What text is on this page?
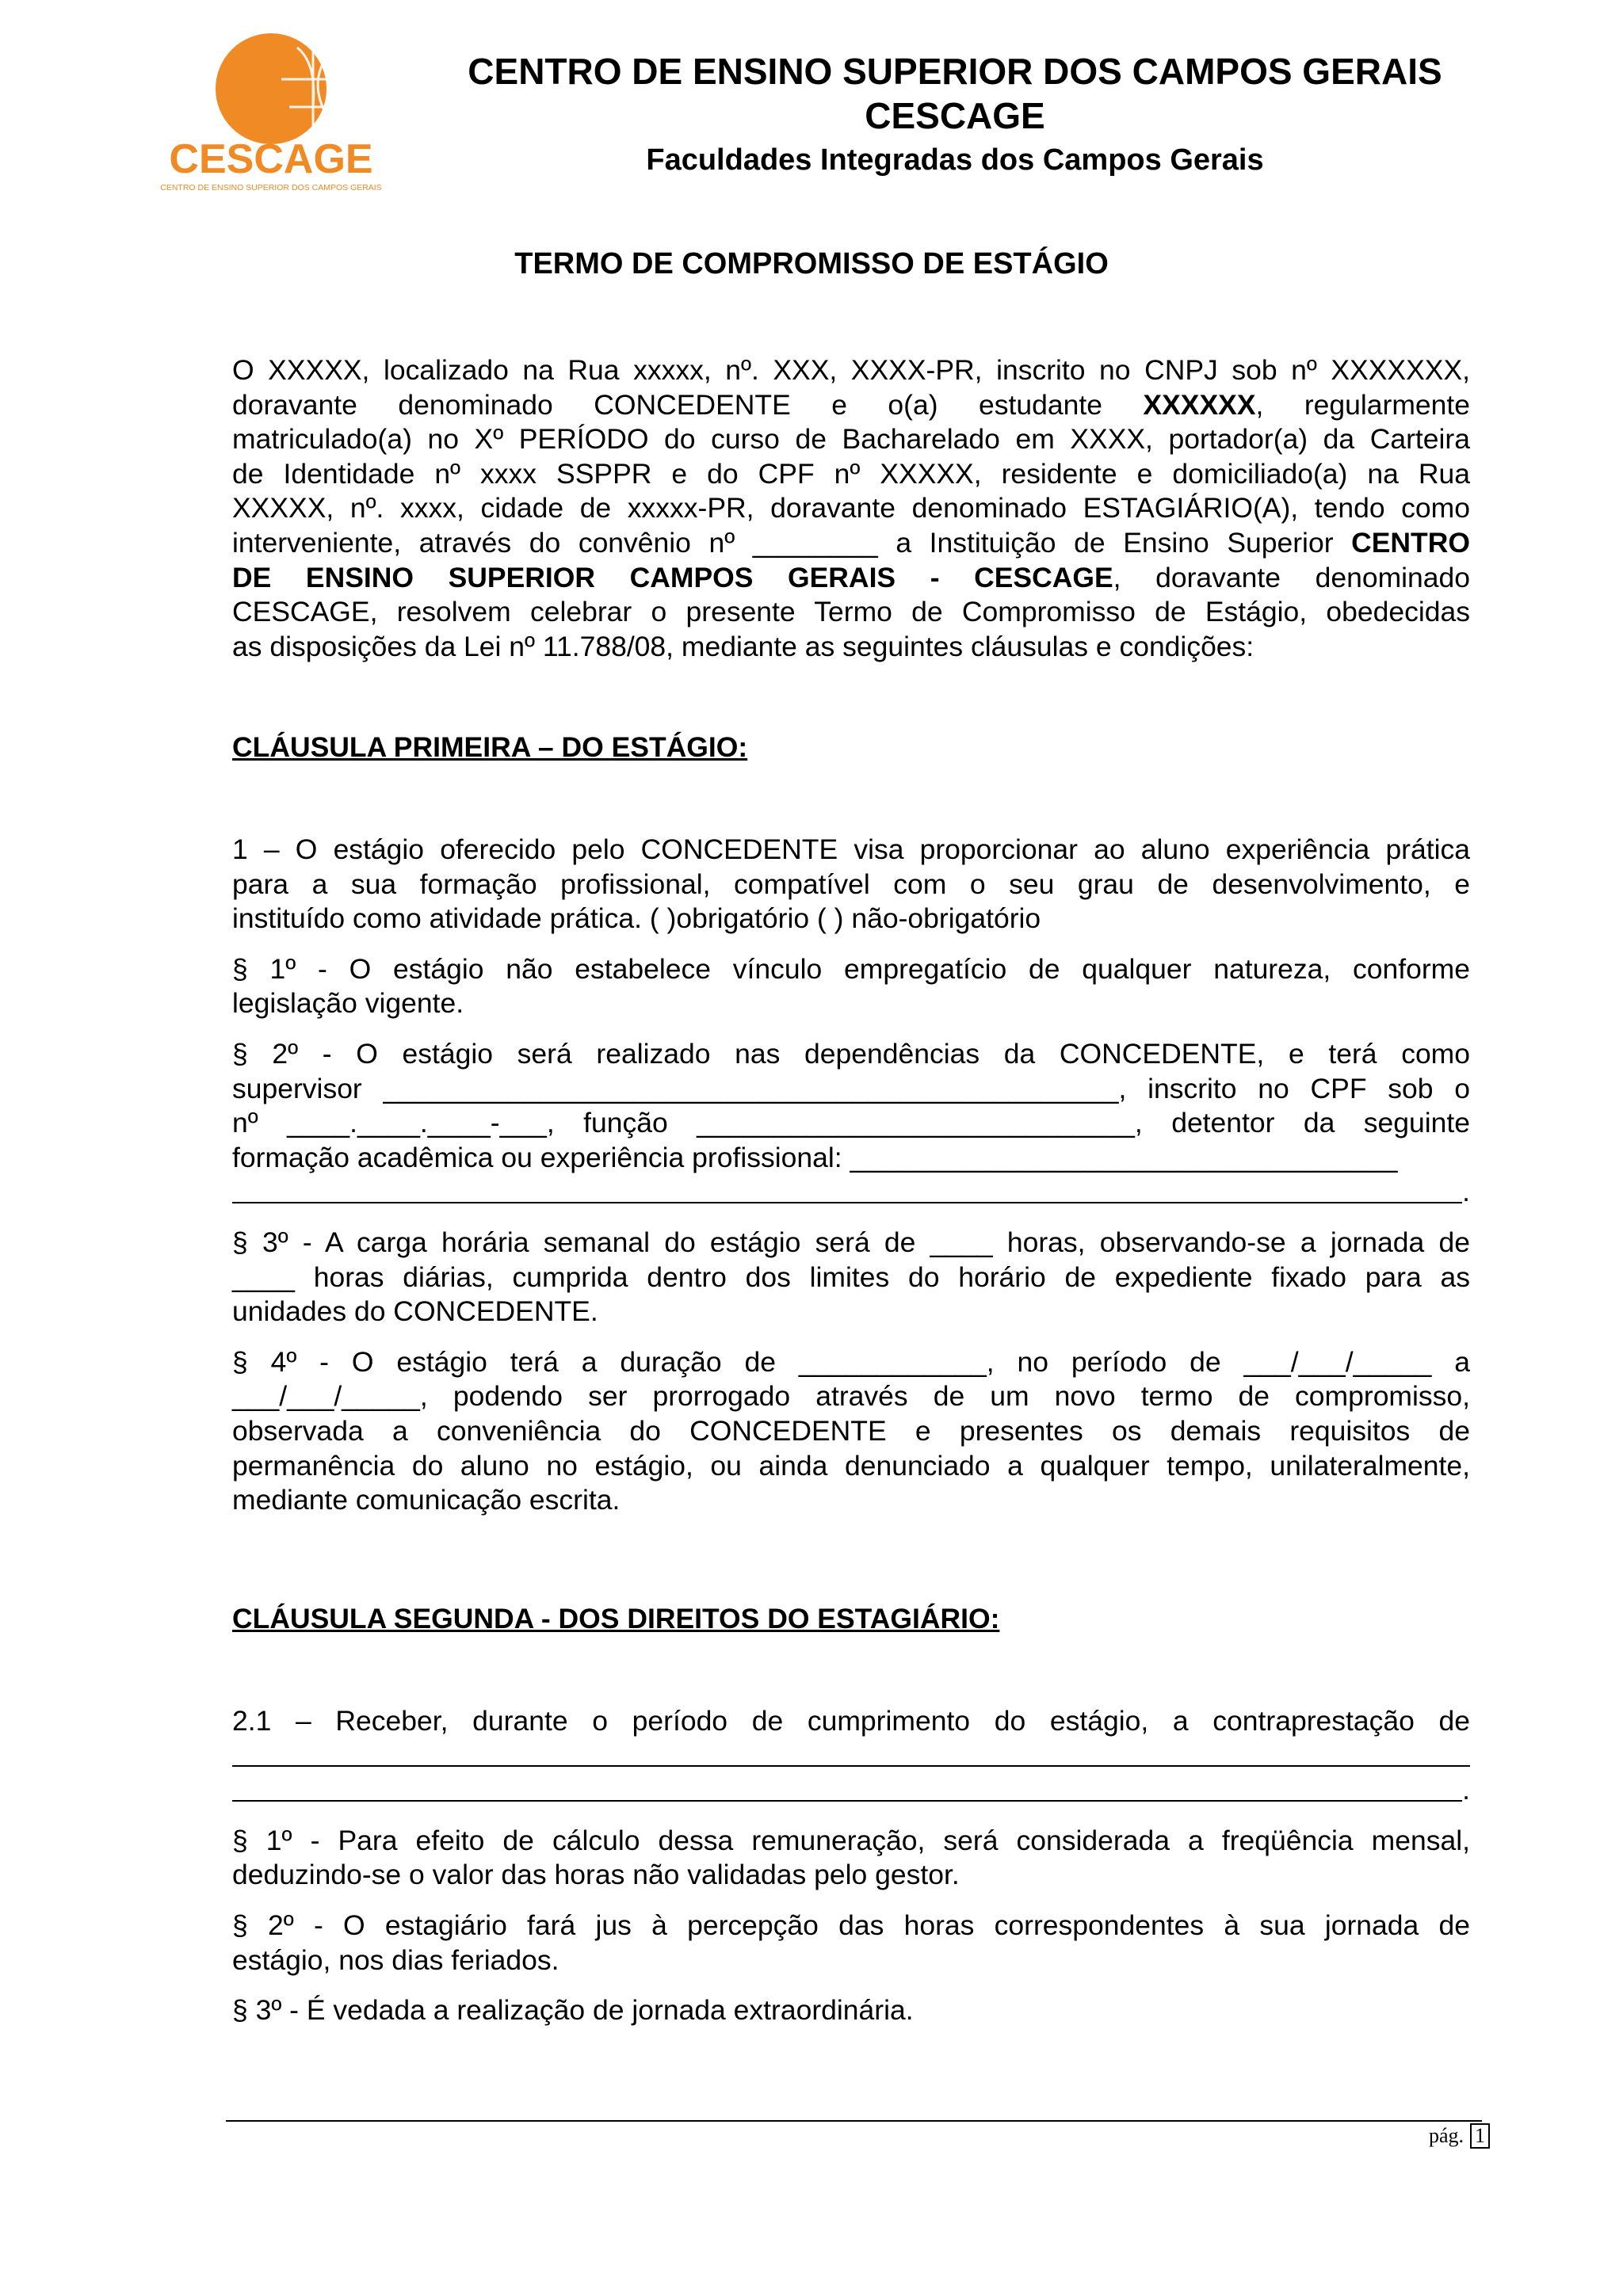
CESCAGE
CENTRO DE ENSINO SUPERIOR DOS CAMPOS GERAIS
CENTRO DE ENSINO SUPERIOR DOS CAMPOS GERAIS
CESCAGE
Faculdades Integradas dos Campos Gerais
TERMO DE COMPROMISSO DE ESTÁGIO

O XXXXX, localizado na Rua xxxxx, nº. XXX, XXXX-PR, inscrito no CNPJ sob nº XXXXXXX,

doravante denominado CONCEDENTE e o(a) estudante XXXXXX, regularmente

matriculado(a) no Xº PERÍODO do curso de Bacharelado em XXXX, portador(a) da Carteira

de Identidade nº xxxx SSPPR e do CPF nº XXXXX, residente e domiciliado(a) na Rua

XXXXX, nº. xxxx, cidade de xxxxx-PR, doravante denominado ESTAGIÁRIO(A), tendo como

interveniente, através do convênio nº ________ a Instituição de Ensino Superior CENTRO

DE ENSINO SUPERIOR CAMPOS GERAIS - CESCAGE, doravante denominado

CESCAGE, resolvem celebrar o presente Termo de Compromisso de Estágio, obedecidas

as disposições da Lei nº 11.788/08, mediante as seguintes cláusulas e condições:

CLÁUSULA PRIMEIRA – DO ESTÁGIO:

1 – O estágio oferecido pelo CONCEDENTE visa proporcionar ao aluno experiência prática

para a sua formação profissional, compatível com o seu grau de desenvolvimento, e

instituído como atividade prática. ( )obrigatório ( ) não-obrigatório

§ 1º - O estágio não estabelece vínculo empregatício de qualquer natureza, conforme

legislação vigente.

§ 2º - O estágio será realizado nas dependências da CONCEDENTE, e terá como

supervisor _______________________________________________, inscrito no CPF sob o

nº ____.____.____-___, função ____________________________, detentor da seguinte

formação acadêmica ou experiência profissional: ___________________________________

.

§ 3º - A carga horária semanal do estágio será de ____ horas, observando-se a jornada de

____ horas diárias, cumprida dentro dos limites do horário de expediente fixado para as

unidades do CONCEDENTE.

§ 4º - O estágio terá a duração de ____________, no período de ___/___/_____ a

___/___/_____, podendo ser prorrogado através de um novo termo de compromisso,

observada a conveniência do CONCEDENTE e presentes os demais requisitos de

permanência do aluno no estágio, ou ainda denunciado a qualquer tempo, unilateralmente,

mediante comunicação escrita.

CLÁUSULA SEGUNDA - DOS DIREITOS DO ESTAGIÁRIO:

2.1 – Receber, durante o período de cumprimento do estágio, a contraprestação de

.

§ 1º - Para efeito de cálculo dessa remuneração, será considerada a freqüência mensal,

deduzindo-se o valor das horas não validadas pelo gestor.

§ 2º - O estagiário fará jus à percepção das horas correspondentes à sua jornada de

estágio, nos dias feriados.

§ 3º - É vedada a realização de jornada extraordinária.

pág. 1
